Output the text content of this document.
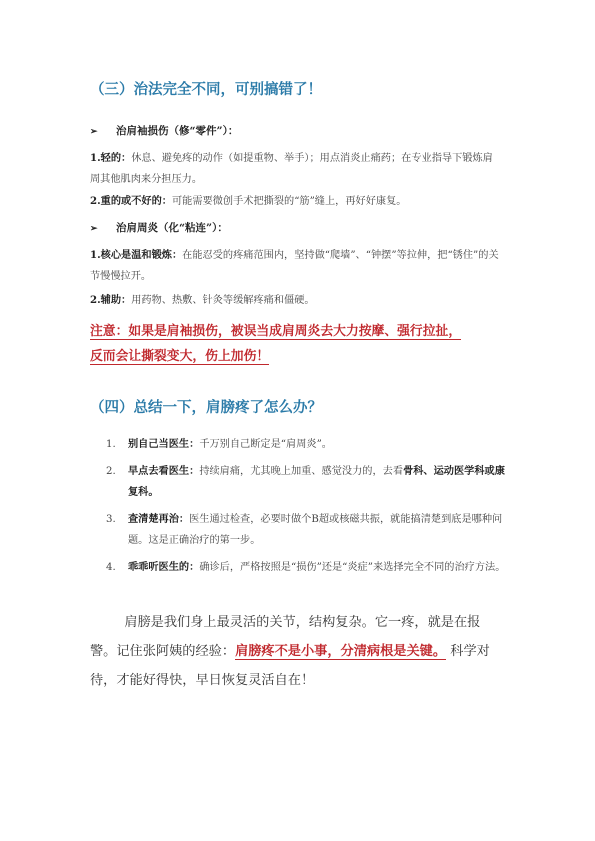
（三）治法完全不同，可别搞错了！
➢ 治肩袖损伤（修“零件”）：
1.轻的：休息、避免疼的动作（如提重物、举手）；用点消炎止痛药；在专业指导下锻炼肩周其他肌肉来分担压力。
2.重的或不好的：可能需要微创手术把撕裂的“筋”缝上，再好好康复。
➢ 治肩周炎（化“粘连”）：
1.核心是温和锻炼：在能忍受的疼痛范围内，坚持做“爬墙”、“钟摆”等拉伸，把“锈住”的关节慢慢拉开。
2.辅助：用药物、热敷、针灸等缓解疼痛和僵硬。
注意：如果是肩袖损伤，被误当成肩周炎去大力按摩、强行拉扯，
反而会让撕裂变大，伤上加伤！
（四）总结一下，肩膀疼了怎么办？
1. 别自己当医生：千万别自己断定是“肩周炎”。
2. 早点去看医生：持续肩痛，尤其晚上加重、感觉没力的，去看骨科、运动医学科或康复科。
3. 查清楚再治：医生通过检查，必要时做个B超或核磁共振，就能搞清楚到底是哪种问题。这是正确治疗的第一步。
4. 乖乖听医生的：确诊后，严格按照是“损伤”还是“炎症”来选择完全不同的治疗方法。
肩膀是我们身上最灵活的关节，结构复杂。它一疼，就是在报警。记住张阿姨的经验：肩膀疼不是小事，分清病根是关键。 科学对待，才能好得快，早日恢复灵活自在！
